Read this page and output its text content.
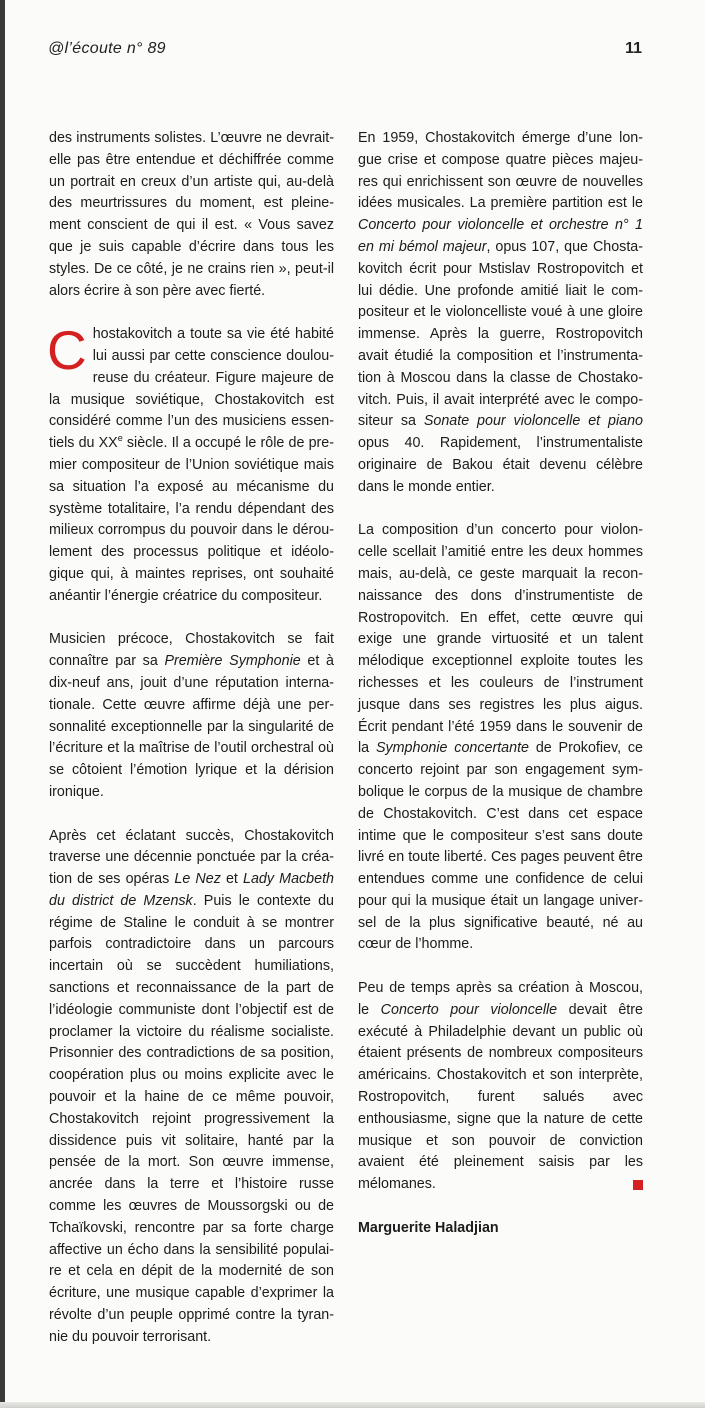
@l’écoute n° 89	11

des instruments solistes. L’œuvre ne devraitelle pas être entendue et déchiffrée comme un portrait en creux d’un artiste qui, au-delà des meurtrissures du moment, est pleinement conscient de qui il est. « Vous savez que je suis capable d’écrire dans tous les styles. De ce côté, je ne crains rien », peut-il alors écrire à son père avec fierté.

Chostakovitch a toute sa vie été habité lui aussi par cette conscience douloureuse du créateur. Figure majeure de la musique soviétique, Chostakovitch est considéré comme l’un des musiciens essentiels du XXe siècle. Il a occupé le rôle de premier compositeur de l’Union soviétique mais sa situation l’a exposé au mécanisme du système totalitaire, l’a rendu dépendant des milieux corrompus du pouvoir dans le déroulement des processus politique et idéologique qui, à maintes reprises, ont souhaité anéantir l’énergie créatrice du compositeur.

Musicien précoce, Chostakovitch se fait connaître par sa Première Symphonie et à dix-neuf ans, jouit d’une réputation internationale. Cette œuvre affirme déjà une personnalité exceptionnelle par la singularité de l’écriture et la maîtrise de l’outil orchestral où se côtoient l’émotion lyrique et la dérision ironique.

Après cet éclatant succès, Chostakovitch traverse une décennie ponctuée par la création de ses opéras Le Nez et Lady Macbeth du district de Mzensk. Puis le contexte du régime de Staline le conduit à se montrer parfois contradictoire dans un parcours incertain où se succèdent humiliations, sanctions et reconnaissance de la part de l’idéologie communiste dont l’objectif est de proclamer la victoire du réalisme socialiste. Prisonnier des contradictions de sa position, coopération plus ou moins explicite avec le pouvoir et la haine de ce même pouvoir, Chostakovitch rejoint progressivement la dissidence puis vit solitaire, hanté par la pensée de la mort. Son œuvre immense, ancrée dans la terre et l’histoire russe comme les œuvres de Moussorgski ou de Tchaïkovski, rencontre par sa forte charge affective un écho dans la sensibilité populaire et cela en dépit de la modernité de son écriture, une musique capable d’exprimer la révolte d’un peuple opprimé contre la tyrannie du pouvoir terrorisant.

En 1959, Chostakovitch émerge d’une longue crise et compose quatre pièces majeures qui enrichissent son œuvre de nouvelles idées musicales. La première partition est le Concerto pour violoncelle et orchestre n° 1 en mi bémol majeur, opus 107, que Chostakovitch écrit pour Mstislav Rostropovitch et lui dédie. Une profonde amitié liait le compositeur et le violoncelliste voué à une gloire immense. Après la guerre, Rostropovitch avait étudié la composition et l’instrumentation à Moscou dans la classe de Chostakovitch. Puis, il avait interprété avec le compositeur sa Sonate pour violoncelle et piano opus 40. Rapidement, l’instrumentaliste originaire de Bakou était devenu célèbre dans le monde entier.

La composition d’un concerto pour violoncelle scellait l’amitié entre les deux hommes mais, au-delà, ce geste marquait la reconnaissance des dons d’instrumentiste de Rostropovitch. En effet, cette œuvre qui exige une grande virtuosité et un talent mélodique exceptionnel exploite toutes les richesses et les couleurs de l’instrument jusque dans ses registres les plus aigus. Écrit pendant l’été 1959 dans le souvenir de la Symphonie concertante de Prokofiev, ce concerto rejoint par son engagement symbolique le corpus de la musique de chambre de Chostakovitch. C’est dans cet espace intime que le compositeur s’est sans doute livré en toute liberté. Ces pages peuvent être entendues comme une confidence de celui pour qui la musique était un langage universel de la plus significative beauté, né au cœur de l’homme.

Peu de temps après sa création à Moscou, le Concerto pour violoncelle devait être exécuté à Philadelphie devant un public où étaient présents de nombreux compositeurs américains. Chostakovitch et son interprète, Rostropovitch, furent salués avec enthousiasme, signe que la nature de cette musique et son pouvoir de conviction avaient été pleinement saisis par les mélomanes.

Marguerite Haladjian
